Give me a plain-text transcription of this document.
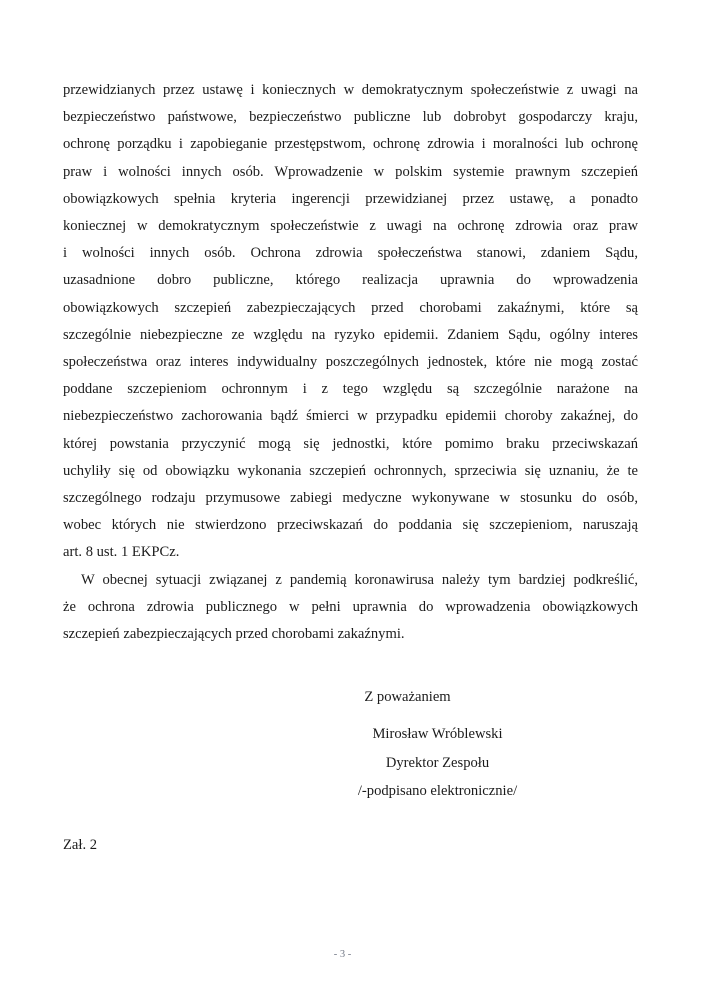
przewidzianych przez ustawę i koniecznych w demokratycznym społeczeństwie z uwagi na
bezpieczeństwo państwowe, bezpieczeństwo publiczne lub dobrobyt gospodarczy kraju,
ochronę porządku i zapobieganie przestępstwom, ochronę zdrowia i moralności lub ochronę
praw i wolności innych osób. Wprowadzenie w polskim systemie prawnym szczepień
obowiązkowych spełnia kryteria ingerencji przewidzianej przez ustawę, a ponadto
koniecznej w demokratycznym społeczeństwie z uwagi na ochronę zdrowia oraz praw
i wolności innych osób. Ochrona zdrowia społeczeństwa stanowi, zdaniem Sądu,
uzasadnione dobro publiczne, którego realizacja uprawnia do wprowadzenia
obowiązkowych szczepień zabezpieczających przed chorobami zakaźnymi, które są
szczególnie niebezpieczne ze względu na ryzyko epidemii. Zdaniem Sądu, ogólny interes
społeczeństwa oraz interes indywidualny poszczególnych jednostek, które nie mogą zostać
poddane szczepieniom ochronnym i z tego względu są szczególnie narażone na
niebezpieczeństwo zachorowania bądź śmierci w przypadku epidemii choroby zakaźnej, do
której powstania przyczynić mogą się jednostki, które pomimo braku przeciwskazań
uchyliły się od obowiązku wykonania szczepień ochronnych, sprzeciwia się uznaniu, że te
szczególnego rodzaju przymusowe zabiegi medyczne wykonywane w stosunku do osób,
wobec których nie stwierdzono przeciwskazań do poddania się szczepieniom, naruszają
art. 8 ust. 1 EKPCz.
W obecnej sytuacji związanej z pandemią koronawirusa należy tym bardziej podkreślić,
że ochrona zdrowia publicznego w pełni uprawnia do wprowadzenia obowiązkowych
szczepień zabezpieczających przed chorobami zakaźnymi.
Z poważaniem
Mirosław Wróblewski
Dyrektor Zespołu
/-podpisano elektronicznie/
Zał. 2
- 3 -
